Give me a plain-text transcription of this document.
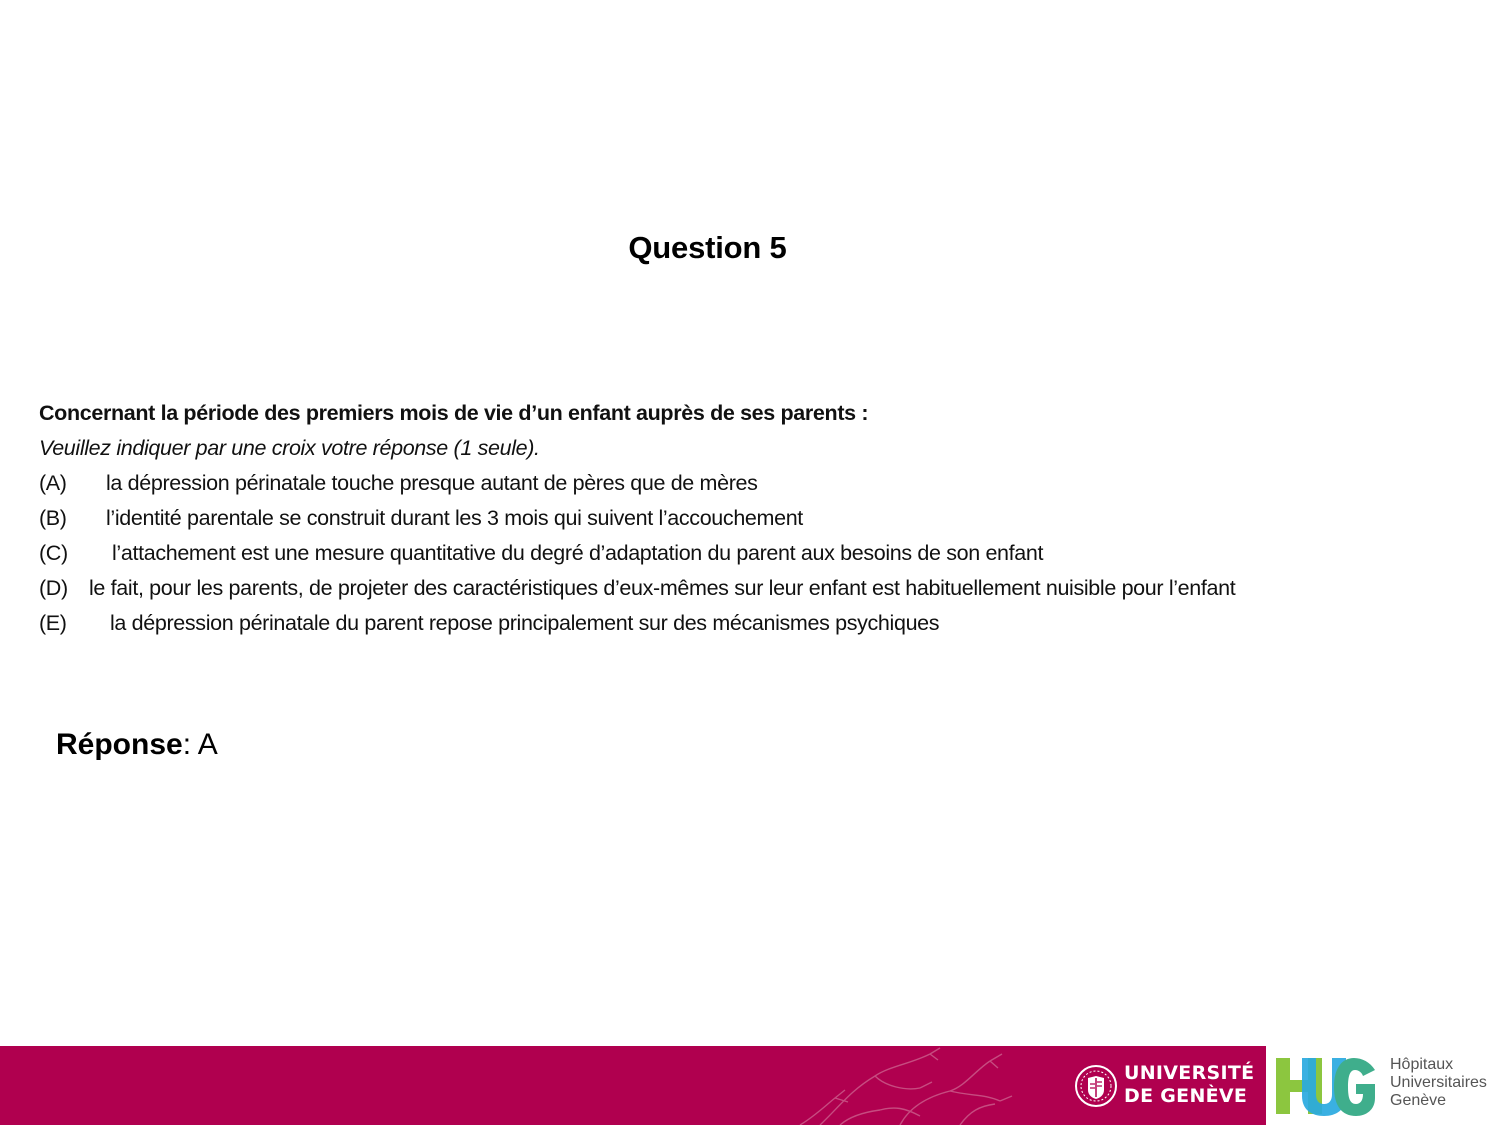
Question 5
Concernant la période des premiers mois de vie d’un enfant auprès de ses parents :
Veuillez indiquer par une croix votre réponse (1 seule).
(A) la dépression périnatale touche presque autant de pères que de mères
(B) l’identité parentale se construit durant les 3 mois qui suivent l’accouchement
(C) l’attachement est une mesure quantitative du degré d’adaptation du parent aux besoins de son enfant
(D) le fait, pour les parents, de projeter des caractéristiques d’eux-mêmes sur leur enfant est habituellement nuisible pour l’enfant
(E) la dépression périnatale du parent repose principalement sur des mécanismes psychiques
Réponse: A
UNIVERSITÉ
DE GENÈVE
Hôpitaux
Universitaires
Genève
